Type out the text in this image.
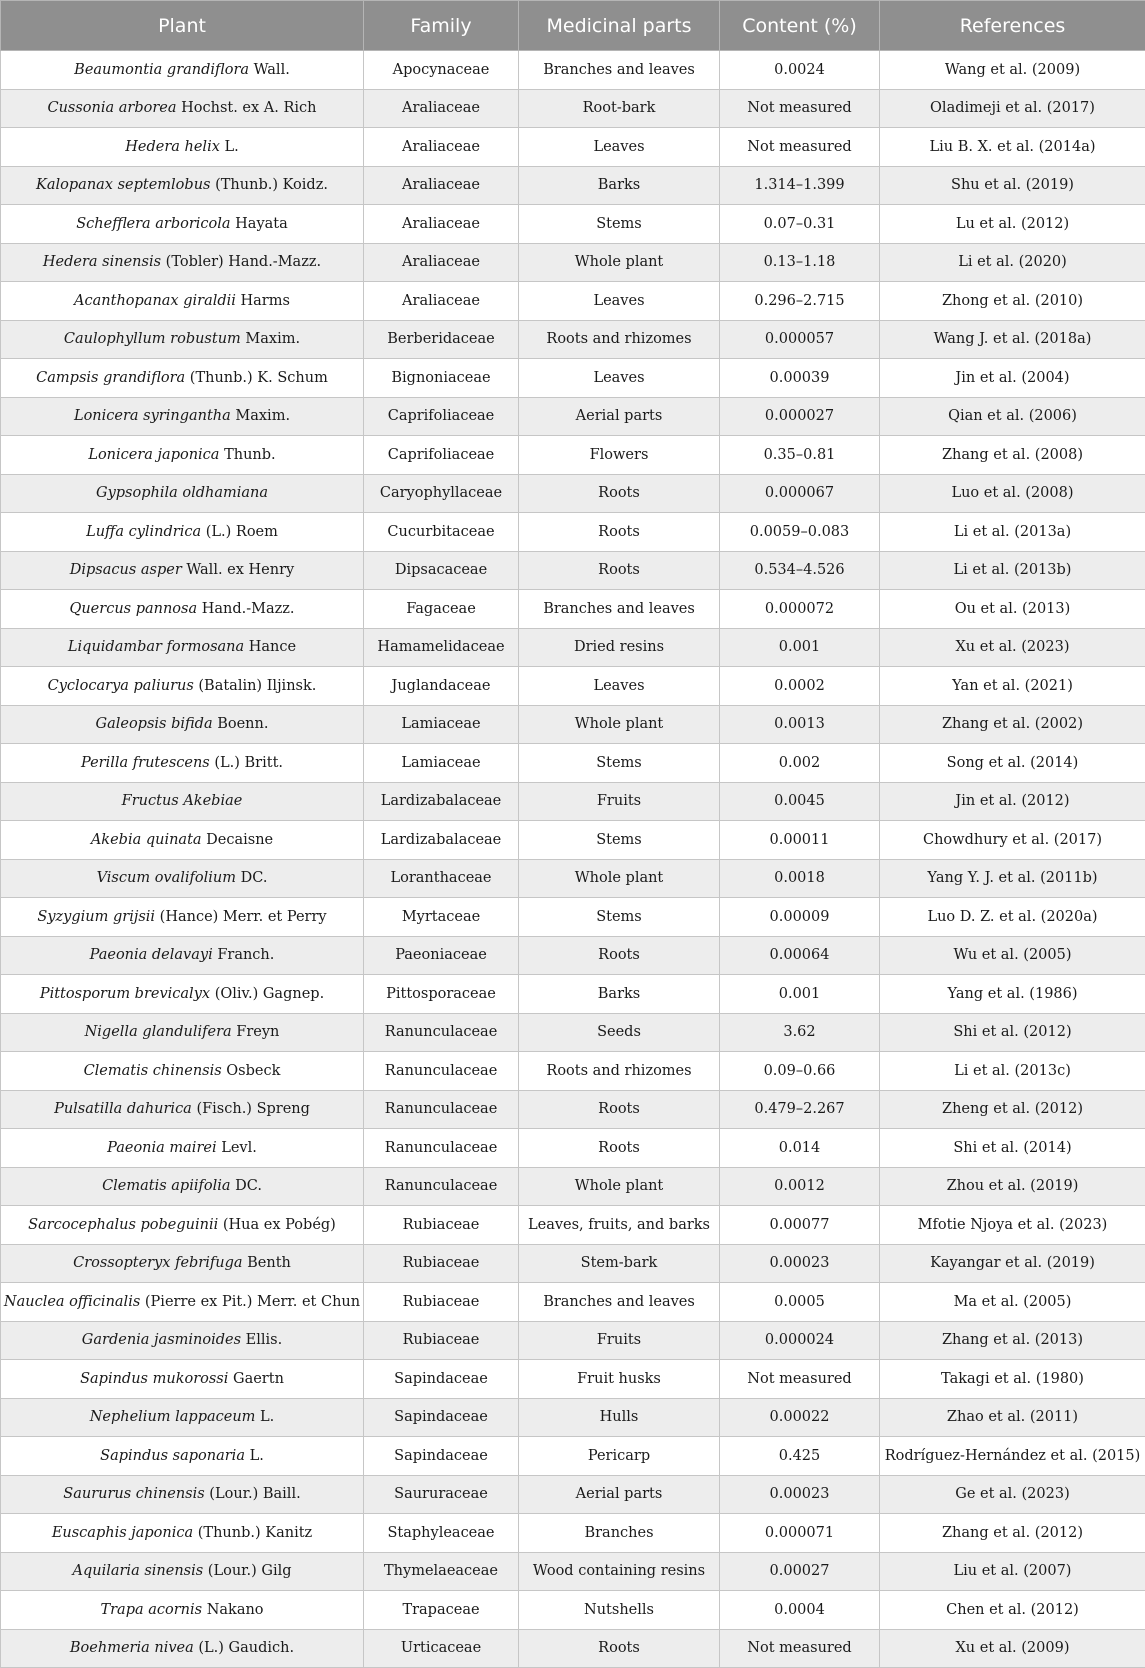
Plant	Family	Medicinal parts	Content (%)	References
Beaumontia grandiflora Wall.	Apocynaceae	Branches and leaves	0.0024	Wang et al. (2009)
Cussonia arborea Hochst. ex A. Rich	Araliaceae	Root-bark	Not measured	Oladimeji et al. (2017)
Hedera helix L.	Araliaceae	Leaves	Not measured	Liu B. X. et al. (2014a)
Kalopanax septemlobus (Thunb.) Koidz.	Araliaceae	Barks	1.314–1.399	Shu et al. (2019)
Schefflera arboricola Hayata	Araliaceae	Stems	0.07–0.31	Lu et al. (2012)
Hedera sinensis (Tobler) Hand.-Mazz.	Araliaceae	Whole plant	0.13–1.18	Li et al. (2020)
Acanthopanax giraldii Harms	Araliaceae	Leaves	0.296–2.715	Zhong et al. (2010)
Caulophyllum robustum Maxim.	Berberidaceae	Roots and rhizomes	0.000057	Wang J. et al. (2018a)
Campsis grandiflora (Thunb.) K. Schum	Bignoniaceae	Leaves	0.00039	Jin et al. (2004)
Lonicera syringantha Maxim.	Caprifoliaceae	Aerial parts	0.000027	Qian et al. (2006)
Lonicera japonica Thunb.	Caprifoliaceae	Flowers	0.35–0.81	Zhang et al. (2008)
Gypsophila oldhamiana	Caryophyllaceae	Roots	0.000067	Luo et al. (2008)
Luffa cylindrica (L.) Roem	Cucurbitaceae	Roots	0.0059–0.083	Li et al. (2013a)
Dipsacus asper Wall. ex Henry	Dipsacaceae	Roots	0.534–4.526	Li et al. (2013b)
Quercus pannosa Hand.-Mazz.	Fagaceae	Branches and leaves	0.000072	Ou et al. (2013)
Liquidambar formosana Hance	Hamamelidaceae	Dried resins	0.001	Xu et al. (2023)
Cyclocarya paliurus (Batalin) Iljinsk.	Juglandaceae	Leaves	0.0002	Yan et al. (2021)
Galeopsis bifida Boenn.	Lamiaceae	Whole plant	0.0013	Zhang et al. (2002)
Perilla frutescens (L.) Britt.	Lamiaceae	Stems	0.002	Song et al. (2014)
Fructus Akebiae	Lardizabalaceae	Fruits	0.0045	Jin et al. (2012)
Akebia quinata Decaisne	Lardizabalaceae	Stems	0.00011	Chowdhury et al. (2017)
Viscum ovalifolium DC.	Loranthaceae	Whole plant	0.0018	Yang Y. J. et al. (2011b)
Syzygium grijsii (Hance) Merr. et Perry	Myrtaceae	Stems	0.00009	Luo D. Z. et al. (2020a)
Paeonia delavayi Franch.	Paeoniaceae	Roots	0.00064	Wu et al. (2005)
Pittosporum brevicalyx (Oliv.) Gagnep.	Pittosporaceae	Barks	0.001	Yang et al. (1986)
Nigella glandulifera Freyn	Ranunculaceae	Seeds	3.62	Shi et al. (2012)
Clematis chinensis Osbeck	Ranunculaceae	Roots and rhizomes	0.09–0.66	Li et al. (2013c)
Pulsatilla dahurica (Fisch.) Spreng	Ranunculaceae	Roots	0.479–2.267	Zheng et al. (2012)
Paeonia mairei Levl.	Ranunculaceae	Roots	0.014	Shi et al. (2014)
Clematis apiifolia DC.	Ranunculaceae	Whole plant	0.0012	Zhou et al. (2019)
Sarcocephalus pobeguinii (Hua ex Pobég)	Rubiaceae	Leaves, fruits, and barks	0.00077	Mfotie Njoya et al. (2023)
Crossopteryx febrifuga Benth	Rubiaceae	Stem-bark	0.00023	Kayangar et al. (2019)
Nauclea officinalis (Pierre ex Pit.) Merr. et Chun	Rubiaceae	Branches and leaves	0.0005	Ma et al. (2005)
Gardenia jasminoides Ellis.	Rubiaceae	Fruits	0.000024	Zhang et al. (2013)
Sapindus mukorossi Gaertn	Sapindaceae	Fruit husks	Not measured	Takagi et al. (1980)
Nephelium lappaceum L.	Sapindaceae	Hulls	0.00022	Zhao et al. (2011)
Sapindus saponaria L.	Sapindaceae	Pericarp	0.425	Rodríguez-Hernández et al. (2015)
Saururus chinensis (Lour.) Baill.	Saururaceae	Aerial parts	0.00023	Ge et al. (2023)
Euscaphis japonica (Thunb.) Kanitz	Staphyleaceae	Branches	0.000071	Zhang et al. (2012)
Aquilaria sinensis (Lour.) Gilg	Thymelaeaceae	Wood containing resins	0.00027	Liu et al. (2007)
Trapa acornis Nakano	Trapaceae	Nutshells	0.0004	Chen et al. (2012)
Boehmeria nivea (L.) Gaudich.	Urticaceae	Roots	Not measured	Xu et al. (2009)
